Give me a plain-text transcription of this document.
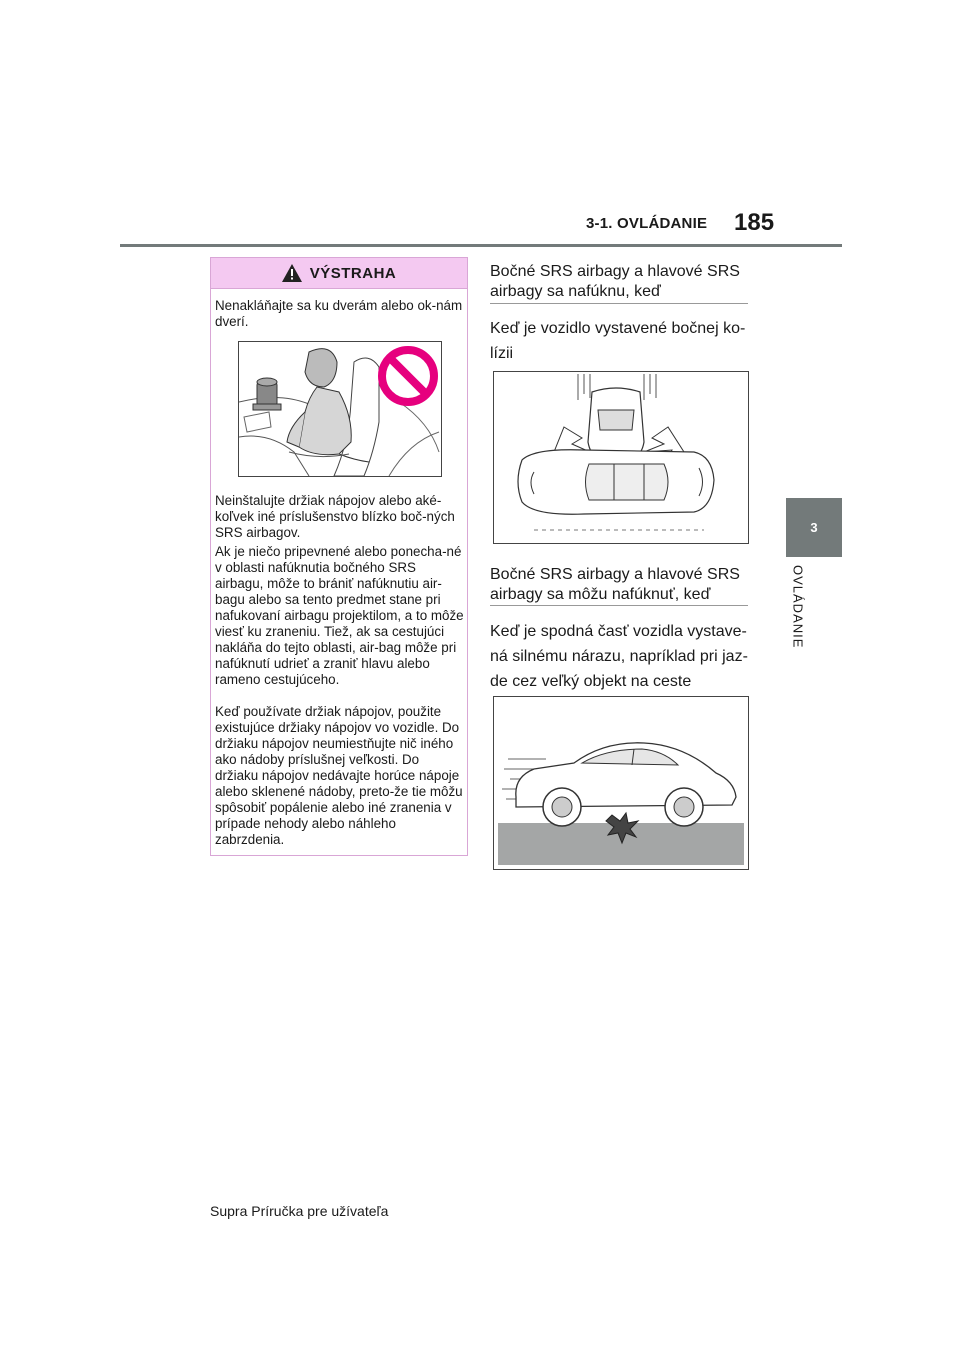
3-1. OVLÁDANIE 185
3
OVLÁDANIE
VÝSTRAHA
Nenakláňajte sa ku dverám alebo ok-nám dverí.
Neinštalujte držiak nápojov alebo aké-koľvek iné príslušenstvo blízko boč-ných SRS airbagov.
Ak je niečo pripevnené alebo ponecha-né v oblasti nafúknutia bočného SRS airbagu, môže to brániť nafúknutiu air-bagu alebo sa tento predmet stane pri nafukovaní airbagu projektilom, a to môže viesť ku zraneniu. Tiež, ak sa cestujúci nakláňa do tejto oblasti, air-bag môže pri nafúknutí udrieť a zraniť hlavu alebo rameno cestujúceho.
Keď používate držiak nápojov, použite existujúce držiaky nápojov vo vozidle. Do držiaku nápojov neumiestňujte nič iného ako nádoby príslušnej veľkosti. Do držiaku nápojov nedávajte horúce nápoje alebo sklenené nádoby, preto-že tie môžu spôsobiť popálenie alebo iné zranenia v prípade nehody alebo náhleho zabrzdenia.
Bočné SRS airbagy a hlavové SRS airbagy sa nafúknu, keď
Keď je vozidlo vystavené bočnej ko-lízii
Bočné SRS airbagy a hlavové SRS airbagy sa môžu nafúknuť, keď
Keď je spodná časť vozidla vystave-ná silnému nárazu, napríklad pri jaz-de cez veľký objekt na ceste
Supra Príručka pre užívateľa
